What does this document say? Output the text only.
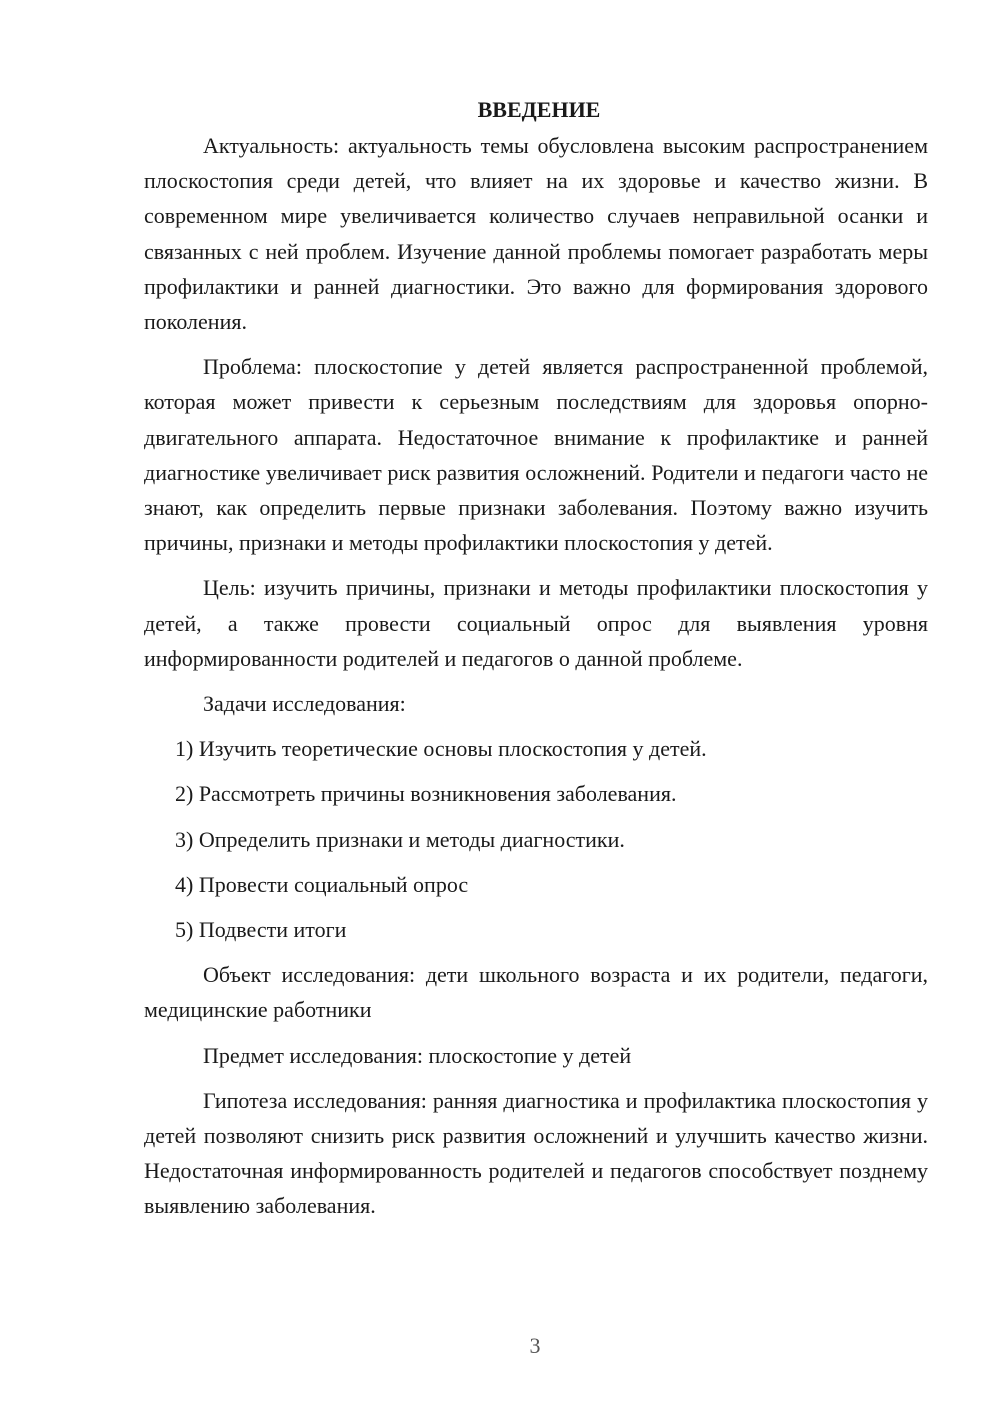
ВВЕДЕНИЕ

Актуальность: актуальность темы обусловлена высоким распространением плоскостопия среди детей, что влияет на их здоровье и качество жизни. В современном мире увеличивается количество случаев неправильной осанки и связанных с ней проблем. Изучение данной проблемы помогает разработать меры профилактики и ранней диагностики. Это важно для формирования здорового поколения.

Проблема: плоскостопие у детей является распространенной проблемой, которая может привести к серьезным последствиям для здоровья опорно-двигательного аппарата. Недостаточное внимание к профилактике и ранней диагностике увеличивает риск развития осложнений. Родители и педагоги часто не знают, как определить первые признаки заболевания. Поэтому важно изучить причины, признаки и методы профилактики плоскостопия у детей.

Цель: изучить причины, признаки и методы профилактики плоскостопия у детей, а также провести социальный опрос для выявления уровня информированности родителей и педагогов о данной проблеме.

Задачи исследования:

1) Изучить теоретические основы плоскостопия у детей.
2) Рассмотреть причины возникновения заболевания.
3) Определить признаки и методы диагностики.
4) Провести социальный опрос
5) Подвести итоги

Объект исследования: дети школьного возраста и их родители, педагоги, медицинские работники

Предмет исследования: плоскостопие у детей

Гипотеза исследования: ранняя диагностика и профилактика плоскостопия у детей позволяют снизить риск развития осложнений и улучшить качество жизни. Недостаточная информированность родителей и педагогов способствует позднему выявлению заболевания.

3
